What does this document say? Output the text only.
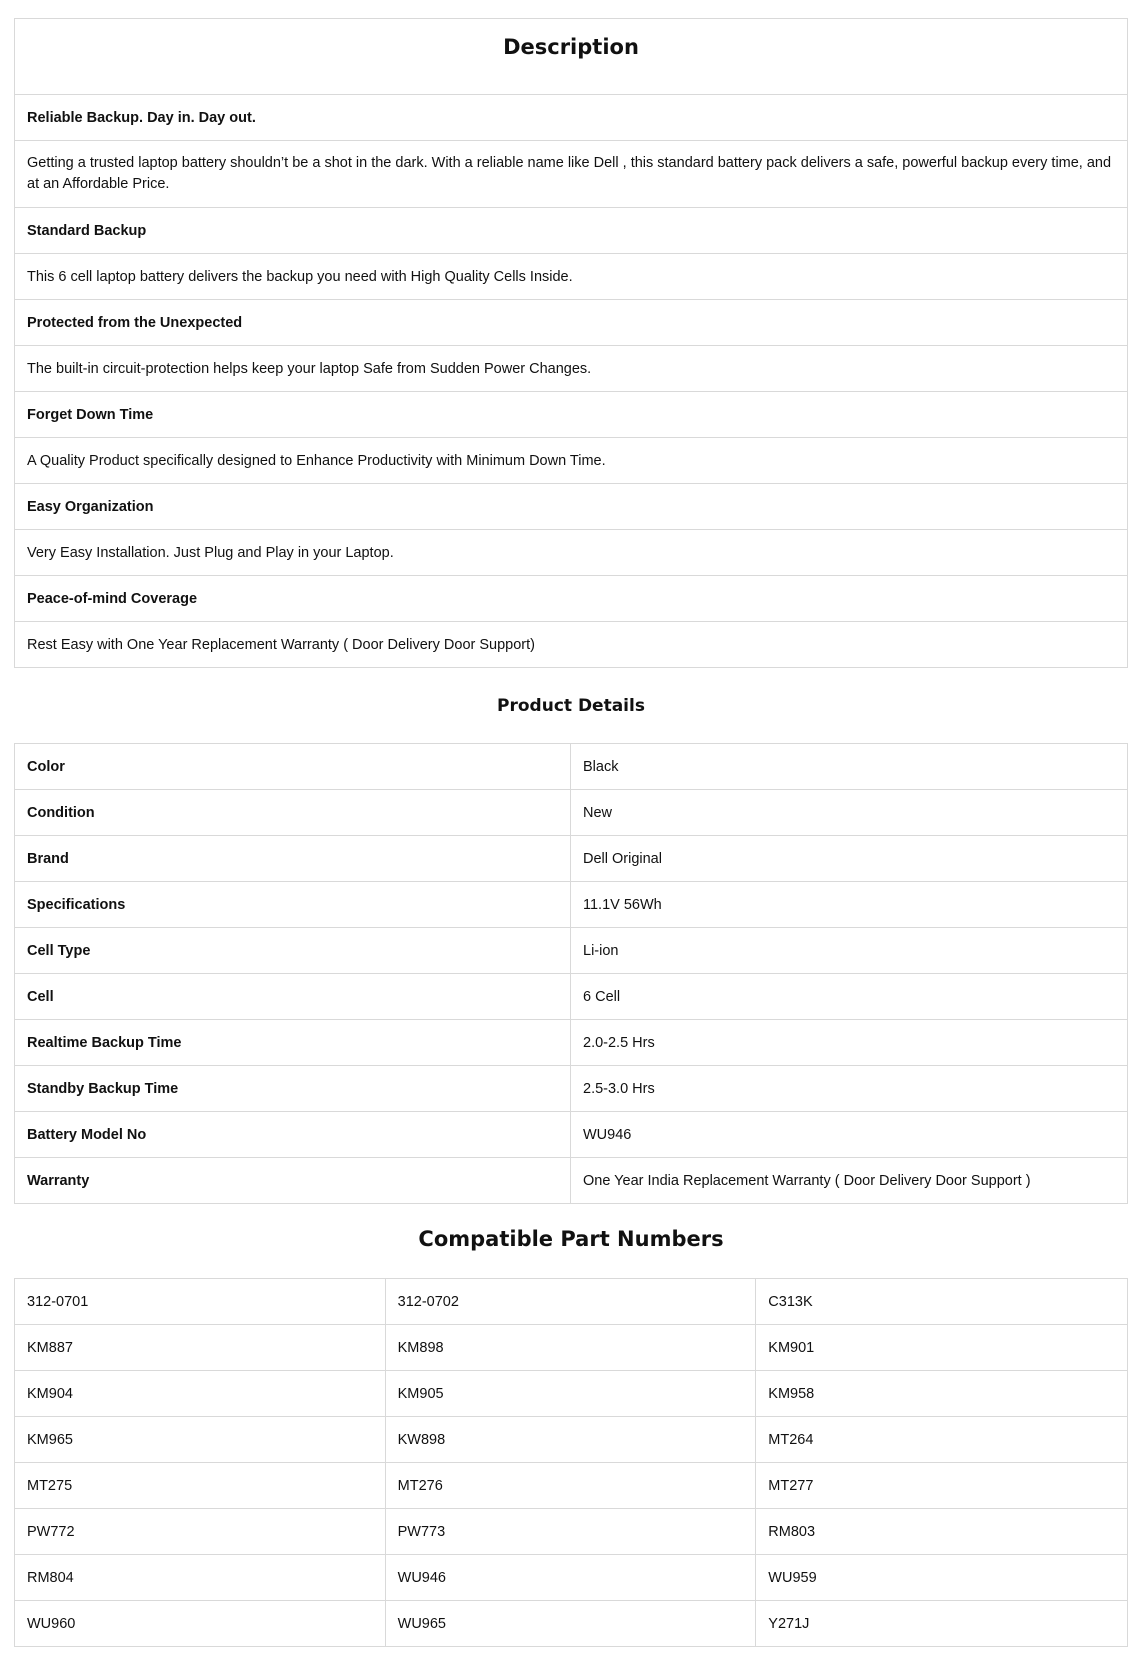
Description
Reliable Backup. Day in. Day out.
Getting a trusted laptop battery shouldn’t be a shot in the dark. With a reliable name like Dell , this standard battery pack delivers a safe, powerful backup every time, and at an Affordable Price.
Standard Backup
This 6 cell laptop battery delivers the backup you need with High Quality Cells Inside.
Protected from the Unexpected
The built-in circuit-protection helps keep your laptop Safe from Sudden Power Changes.
Forget Down Time
A Quality Product specifically designed to Enhance Productivity with Minimum Down Time.
Easy Organization
Very Easy Installation. Just Plug and Play in your Laptop.
Peace-of-mind Coverage
Rest Easy with One Year Replacement Warranty ( Door Delivery Door Support)
Product Details
Color	Black
Condition	New
Brand	Dell Original
Specifications	11.1V 56Wh
Cell Type	Li-ion
Cell	6 Cell
Realtime Backup Time	2.0-2.5 Hrs
Standby Backup Time	2.5-3.0 Hrs
Battery Model No	WU946
Warranty	One Year India Replacement Warranty ( Door Delivery Door Support )
Compatible Part Numbers
312-0701	312-0702	C313K
KM887	KM898	KM901
KM904	KM905	KM958
KM965	KW898	MT264
MT275	MT276	MT277
PW772	PW773	RM803
RM804	WU946	WU959
WU960	WU965	Y271J
